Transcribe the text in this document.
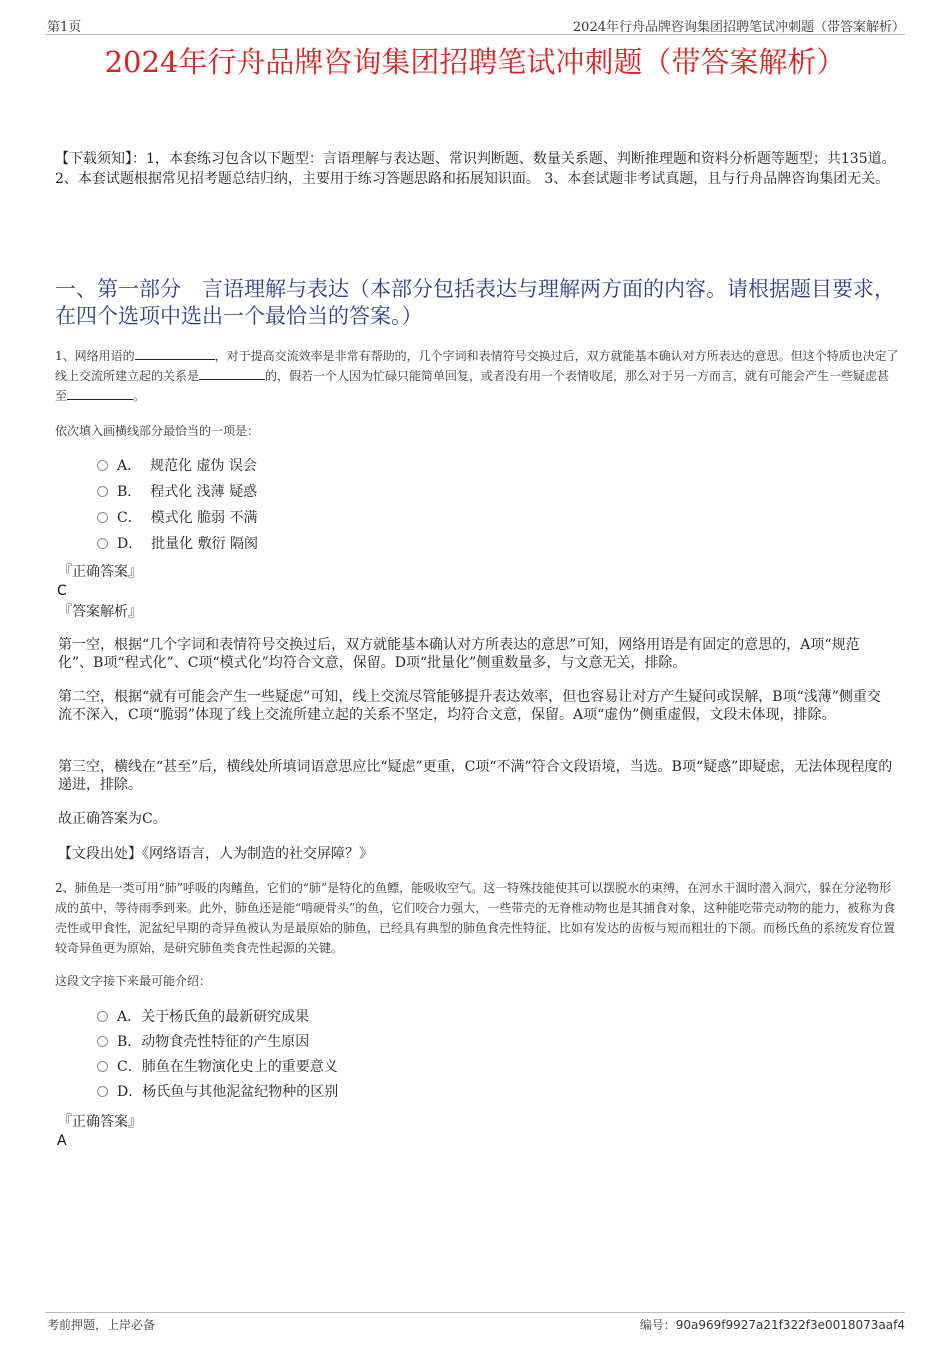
第1页	2024年行舟品牌咨询集团招聘笔试冲刺题（带答案解析）
2024年行舟品牌咨询集团招聘笔试冲刺题（带答案解析）
【下载须知】：1，本套练习包含以下题型：言语理解与表达题、常识判断题、数量关系题、判断推理题和资料分析题等题型；共135道。 2、本套试题根据常见招考题总结归纳，主要用于练习答题思路和拓展知识面。 3、本套试题非考试真题，且与行舟品牌咨询集团无关。
一、第一部分　言语理解与表达（本部分包括表达与理解两方面的内容。请根据题目要求，在四个选项中选出一个最恰当的答案。）
1、网络用语的	，对于提高交流效率是非常有帮助的，几个字词和表情符号交换过后，双方就能基本确认对方所表达的意思。但这个特质也决定了线上交流所建立起的关系是	的，假若一个人因为忙碌只能简单回复，或者没有用一个表情收尾，那么对于另一方而言，就有可能会产生一些疑虑甚至	。
依次填入画横线部分最恰当的一项是：
A． 规范化 虚伪 误会
B． 程式化 浅薄 疑惑
C． 模式化 脆弱 不满
D． 批量化 敷衍 隔阂
『正确答案』
C
『答案解析』
第一空，根据“几个字词和表情符号交换过后，双方就能基本确认对方所表达的意思”可知，网络用语是有固定的意思的，A项“规范化”、B项“程式化”、C项“模式化”均符合文意，保留。D项“批量化”侧重数量多，与文意无关，排除。
第二空，根据“就有可能会产生一些疑虑”可知，线上交流尽管能够提升表达效率，但也容易让对方产生疑问或误解，B项“浅薄”侧重交流不深入，C项“脆弱”体现了线上交流所建立起的关系不坚定，均符合文意，保留。A项“虚伪”侧重虚假，文段未体现，排除。
第三空，横线在“甚至”后，横线处所填词语意思应比“疑虑”更重，C项“不满”符合文段语境，当选。B项“疑惑”即疑虑，无法体现程度的递进，排除。
故正确答案为C。
【文段出处】《网络语言，人为制造的社交屏障？》
2、肺鱼是一类可用“肺”呼吸的肉鳍鱼，它们的“肺”是特化的鱼鳔，能吸收空气。这一特殊技能使其可以摆脱水的束缚，在河水干涸时潜入洞穴，躲在分泌物形成的茧中，等待雨季到来。此外，肺鱼还是能“啃硬骨头”的鱼，它们咬合力强大，一些带壳的无脊椎动物也是其捕食对象，这种能吃带壳动物的能力，被称为食壳性或甲食性，泥盆纪早期的奇异鱼被认为是最原始的肺鱼，已经具有典型的肺鱼食壳性特征，比如有发达的齿板与短而粗壮的下颌。而杨氏鱼的系统发育位置较奇异鱼更为原始，是研究肺鱼类食壳性起源的关键。
这段文字接下来最可能介绍：
A．关于杨氏鱼的最新研究成果
B．动物食壳性特征的产生原因
C．肺鱼在生物演化史上的重要意义
D．杨氏鱼与其他泥盆纪物种的区别
『正确答案』
A
考前押题，上岸必备	编号：90a969f9927a21f322f3e0018073aaf4
